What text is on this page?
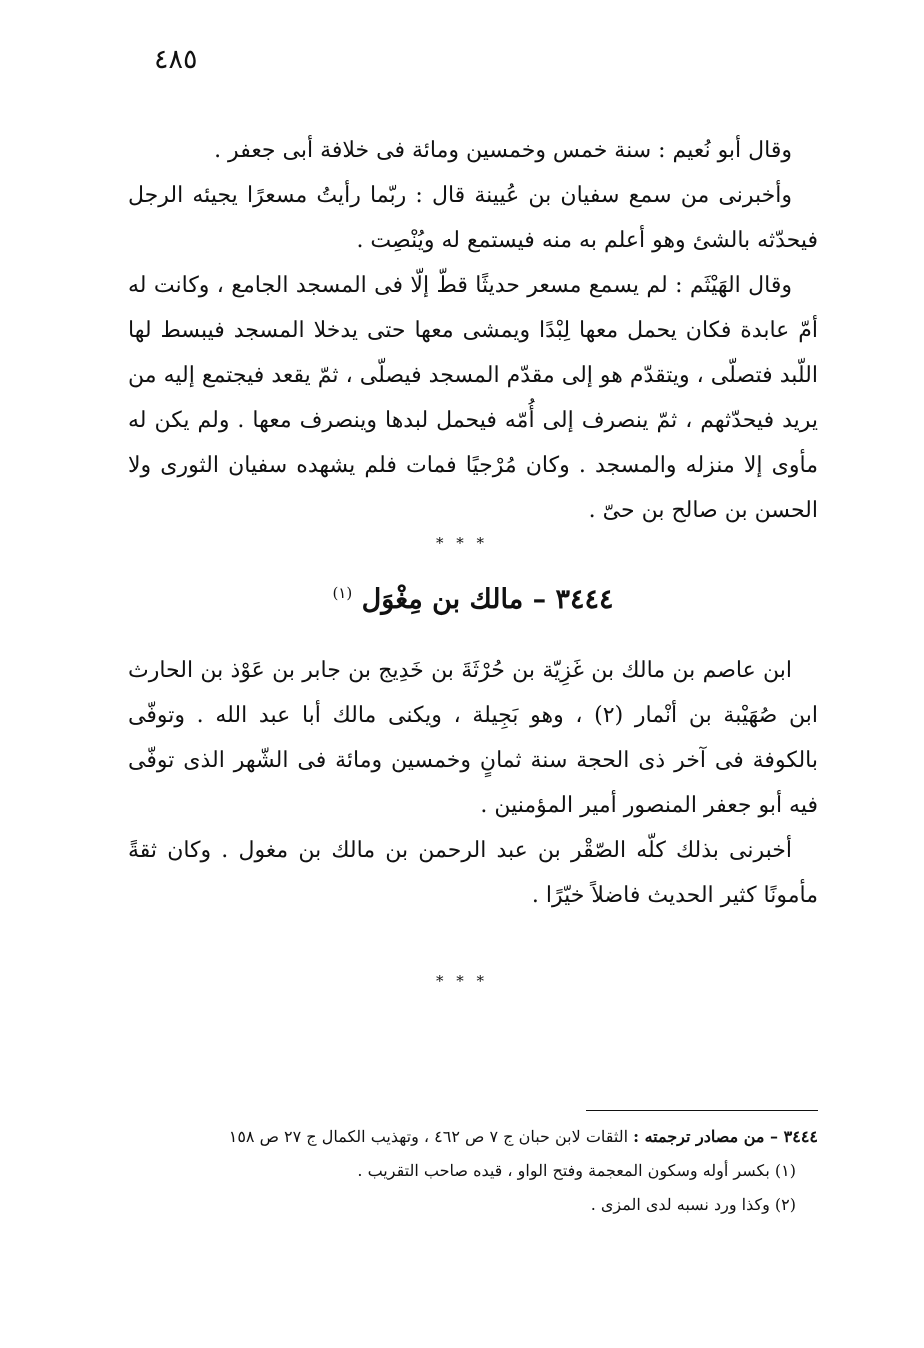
٤٨٥

وقال أبو نُعيم : سنة خمس وخمسين ومائة فى خلافة أبى جعفر .

وأخبرنى من سمع سفيان بن عُيينة قال : ربّما رأيتُ مسعرًا يجيئه الرجل فيحدّثه بالشئ وهو أعلم به منه فيستمع له ويُنْصِت .

وقال الهَيْثَم : لم يسمع مسعر حديثًا قطّ إلّا فى المسجد الجامع ، وكانت له أمّ عابدة فكان يحمل معها لِبْدًا ويمشى معها حتى يدخلا المسجد فيبسط لها اللّبد فتصلّى ، ويتقدّم هو إلى مقدّم المسجد فيصلّى ، ثمّ يقعد فيجتمع إليه من يريد فيحدّثهم ، ثمّ ينصرف إلى أُمّه فيحمل لبدها وينصرف معها . ولم يكن له مأوى إلا منزله والمسجد . وكان مُرْجيًا فمات فلم يشهده سفيان الثورى ولا الحسن بن صالح بن حىّ .

* * *
٣٤٤٤ – مالك بن مِغْوَل $^{(١)}$

ابن عاصم بن مالك بن غَزِيّة بن حُرْثَةَ بن خَدِيج بن جابر بن عَوْذ بن الحارث ابن صُهَيْبة بن أنْمار (٢) ، وهو بَجِيلة ، ويكنى مالك أبا عبد الله . وتوفّى بالكوفة فى آخر ذى الحجة سنة ثمانٍ وخمسين ومائة فى الشّهر الذى توفّى فيه أبو جعفر المنصور أمير المؤمنين .

أخبرنى بذلك كلّه الصّقْر بن عبد الرحمن بن مالك بن مغول . وكان ثقةً مأمونًا كثير الحديث فاضلاً خيّرًا .

* * *

٣٤٤٤ – من مصادر ترجمته : الثقات لابن حبان ج ٧ ص ٤٦٢ ، وتهذيب الكمال ج ٢٧ ص ١٥٨

(١) بكسر أوله وسكون المعجمة وفتح الواو ، قيده صاحب التقريب .

(٢) وكذا ورد نسبه لدى المزى .
